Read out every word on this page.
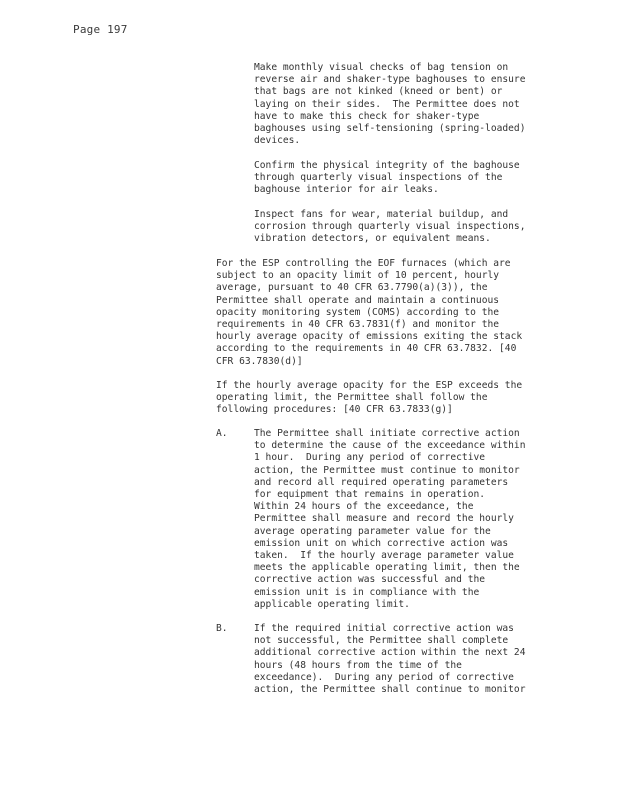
Page 197

Make monthly visual checks of bag tension on
reverse air and shaker-type baghouses to ensure
that bags are not kinked (kneed or bent) or
laying on their sides.  The Permittee does not
have to make this check for shaker-type
baghouses using self-tensioning (spring-loaded)
devices.

Confirm the physical integrity of the baghouse
through quarterly visual inspections of the
baghouse interior for air leaks.

Inspect fans for wear, material buildup, and
corrosion through quarterly visual inspections,
vibration detectors, or equivalent means.

For the ESP controlling the EOF furnaces (which are
subject to an opacity limit of 10 percent, hourly
average, pursuant to 40 CFR 63.7790(a)(3)), the
Permittee shall operate and maintain a continuous
opacity monitoring system (COMS) according to the
requirements in 40 CFR 63.7831(f) and monitor the
hourly average opacity of emissions exiting the stack
according to the requirements in 40 CFR 63.7832. [40
CFR 63.7830(d)]

If the hourly average opacity for the ESP exceeds the
operating limit, the Permittee shall follow the
following procedures: [40 CFR 63.7833(g)]

A.	The Permittee shall initiate corrective action
to determine the cause of the exceedance within
1 hour.  During any period of corrective
action, the Permittee must continue to monitor
and record all required operating parameters
for equipment that remains in operation.
Within 24 hours of the exceedance, the
Permittee shall measure and record the hourly
average operating parameter value for the
emission unit on which corrective action was
taken.  If the hourly average parameter value
meets the applicable operating limit, then the
corrective action was successful and the
emission unit is in compliance with the
applicable operating limit.

B.	If the required initial corrective action was
not successful, the Permittee shall complete
additional corrective action within the next 24
hours (48 hours from the time of the
exceedance).  During any period of corrective
action, the Permittee shall continue to monitor
